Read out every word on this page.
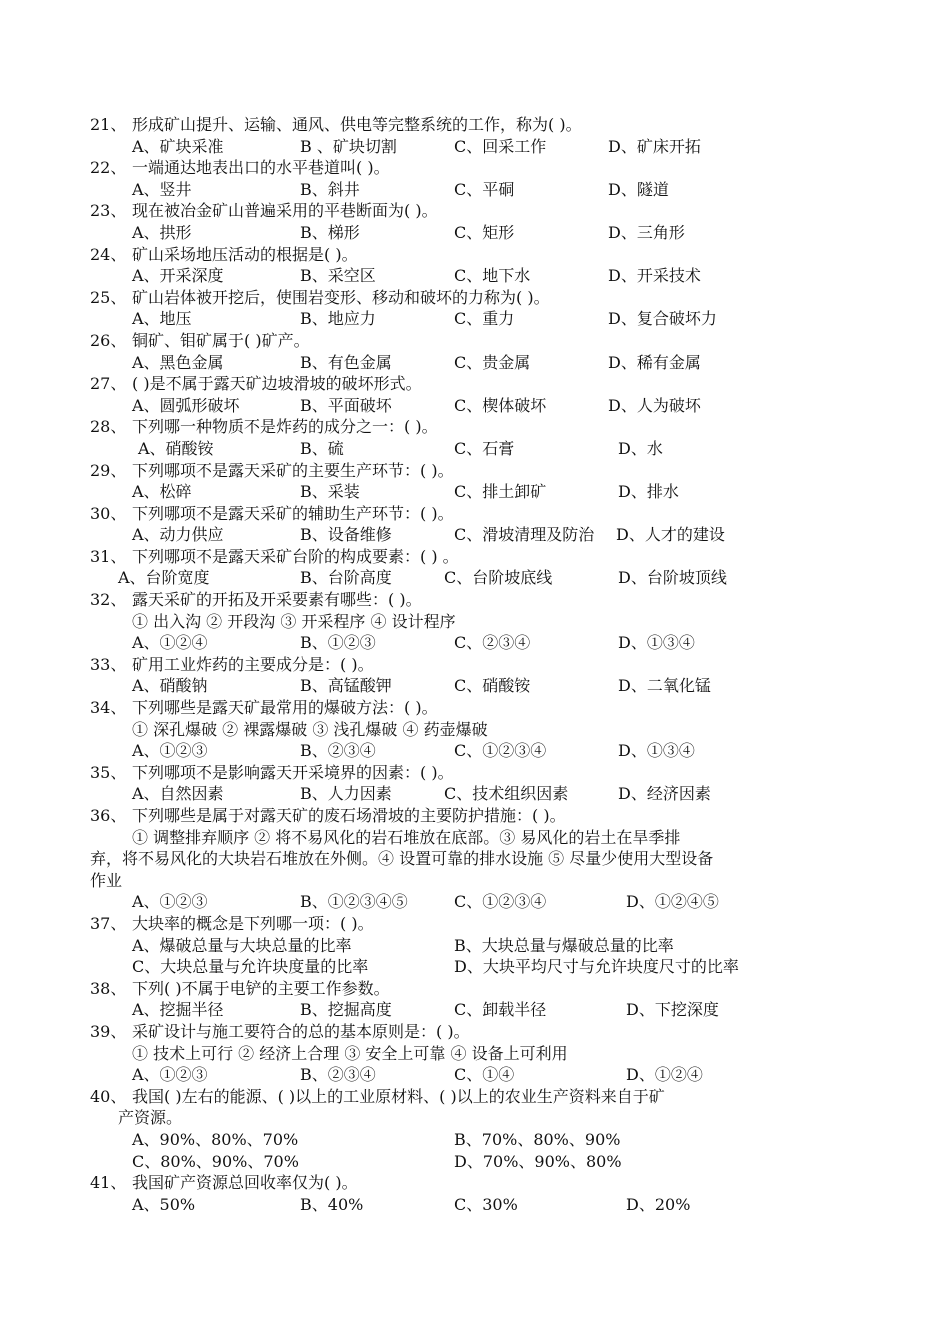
21、 形成矿山提升、运输、通风、供电等完整系统的工作，称为( )。
A、矿块采准	B 、矿块切割	C、回采工作	D、矿床开拓
22、 一端通达地表出口的水平巷道叫( )。
A、竖井	B、斜井	C、平硐	D、隧道
23、 现在被冶金矿山普遍采用的平巷断面为( )。
A、拱形	B、梯形	C、矩形	D、三角形
24、 矿山采场地压活动的根据是( )。
A、开采深度	B、采空区	C、地下水	D、开采技术
25、 矿山岩体被开挖后，使围岩变形、移动和破坏的力称为( )。
A、地压	B、地应力	C、重力	D、复合破坏力
26、 铜矿、钼矿属于( )矿产。
A、黑色金属	B、有色金属	C、贵金属	D、稀有金属
27、 ( )是不属于露天矿边坡滑坡的破坏形式。
A、圆弧形破坏	B、平面破坏	C、楔体破坏	D、人为破坏
28、 下列哪一种物质不是炸药的成分之一：( )。
A、硝酸铵	B、硫	C、石膏	D、水
29、 下列哪项不是露天采矿的主要生产环节：( )。
A、松碎	B、采装	C、排土卸矿	D、排水
30、 下列哪项不是露天采矿的辅助生产环节：( )。
A、动力供应	B、设备维修	C、滑坡清理及防治 D、人才的建设
31、 下列哪项不是露天采矿台阶的构成要素：( ) 。
A、台阶宽度	B、台阶高度	C、台阶坡底线	D、台阶坡顶线
32、 露天采矿的开拓及开采要素有哪些：( )。
① 出入沟 ② 开段沟 ③ 开采程序 ④ 设计程序
A、①②④	B、①②③	C、②③④	D、①③④
33、 矿用工业炸药的主要成分是：( )。
A、硝酸钠	B、高锰酸钾	C、硝酸铵	D、二氧化锰
34、 下列哪些是露天矿最常用的爆破方法：( )。
① 深孔爆破 ② 裸露爆破 ③ 浅孔爆破 ④ 药壶爆破
A、①②③	B、②③④	C、①②③④	D、①③④
35、 下列哪项不是影响露天开采境界的因素：( )。
A、自然因素	B、人力因素	C、技术组织因素	D、经济因素
36、 下列哪些是属于对露天矿的废石场滑坡的主要防护措施：( )。
① 调整排弃顺序 ② 将不易风化的岩石堆放在底部。③ 易风化的岩土在旱季排
弃，将不易风化的大块岩石堆放在外侧。④ 设置可靠的排水设施 ⑤ 尽量少使用大型设备
作业
A、①②③	B、①②③④⑤	C、①②③④	D、①②④⑤
37、 大块率的概念是下列哪一项：( )。
A、爆破总量与大块总量的比率	B、大块总量与爆破总量的比率
C、大块总量与允许块度量的比率	D、大块平均尺寸与允许块度尺寸的比率
38、 下列( )不属于电铲的主要工作参数。
A、挖掘半径	B、挖掘高度	C、卸载半径	D、下挖深度
39、 采矿设计与施工要符合的总的基本原则是：( )。
① 技术上可行 ② 经济上合理 ③ 安全上可靠 ④ 设备上可利用
A、①②③	B、②③④	C、①④	D、①②④
40、 我国( )左右的能源、( )以上的工业原材料、( )以上的农业生产资料来自于矿
产资源。
A、90%、80%、70%	B、70%、80%、90%
C、80%、90%、70%	D、70%、90%、80%
41、 我国矿产资源总回收率仅为( )。
A、50%	B、40%	C、30%	D、20%
